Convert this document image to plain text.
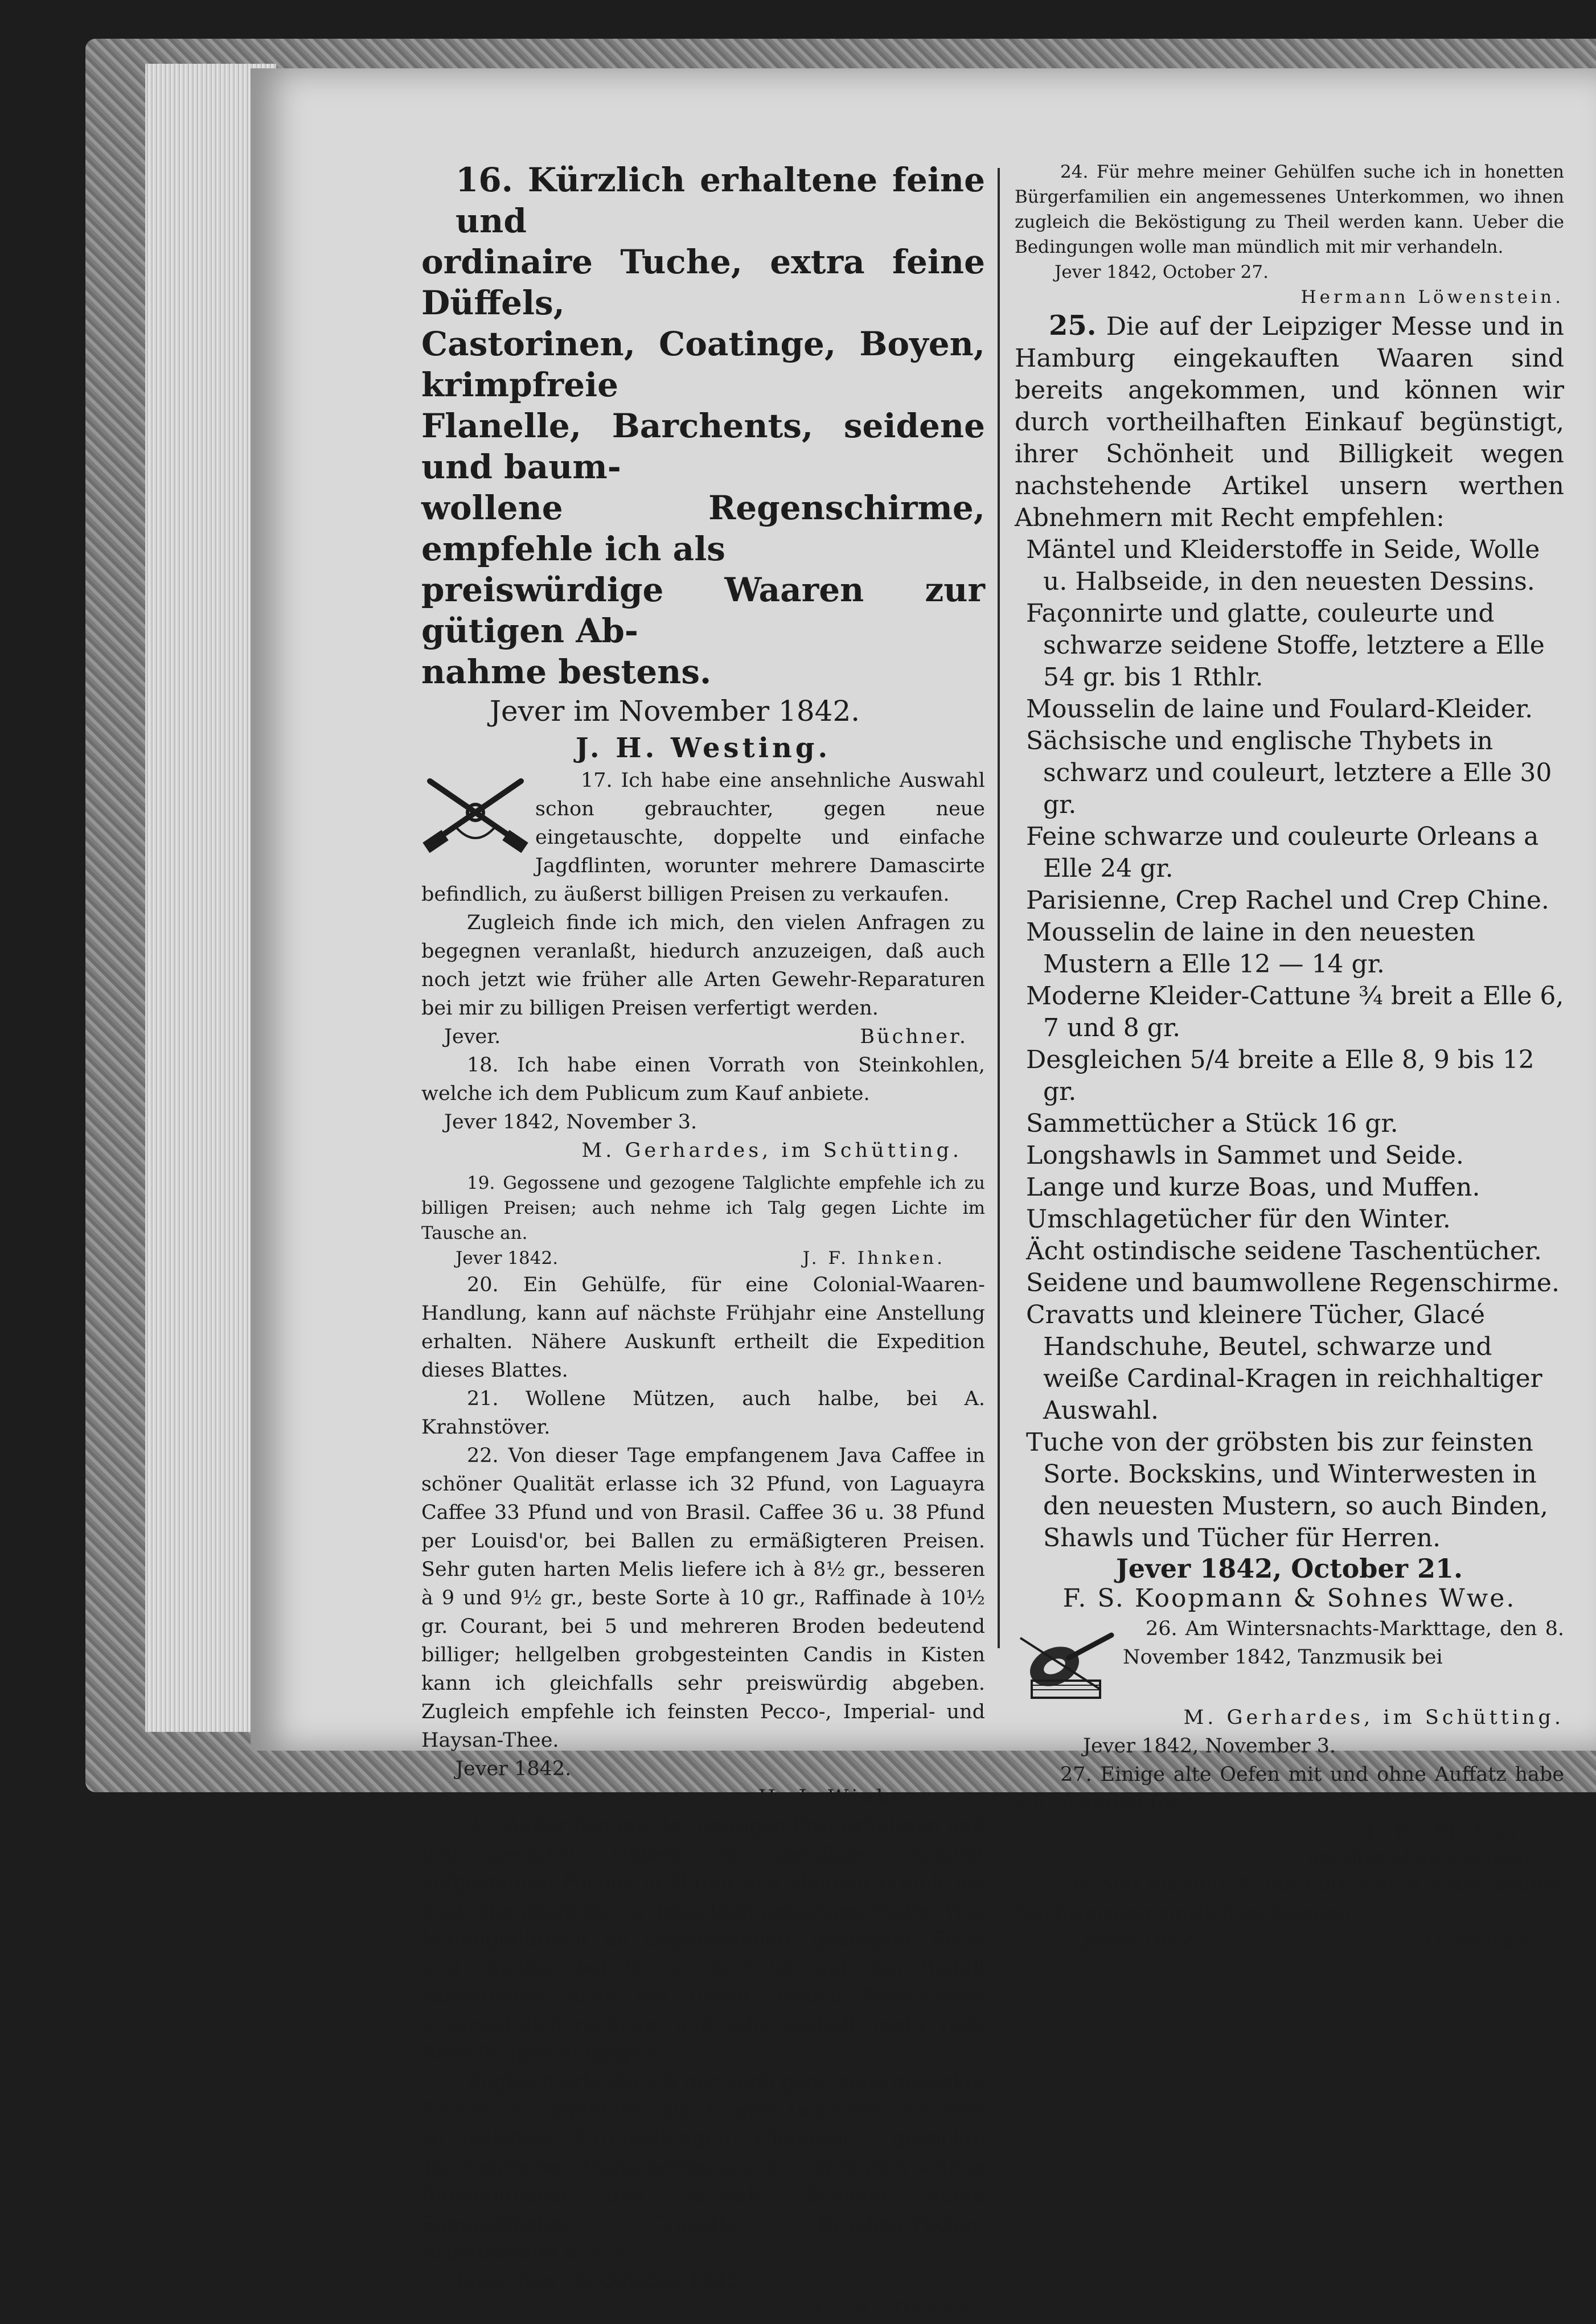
16. Kürzlich erhaltene feine und

ordinaire Tuche, extra feine Düffels,

Castorinen, Coatinge, Boyen, krimpfreie

Flanelle, Barchents, seidene und baum-

wollene Regenschirme, empfehle ich als

preiswürdige Waaren zur gütigen Ab-

nahme bestens.

Jever im November 1842.

J. H. Westing.

17. Ich habe eine ansehnliche Auswahl schon gebrauchter, gegen neue eingetauschte, doppelte und einfache Jagdflinten, worunter mehrere Damascirte befindlich, zu äußerst billigen Preisen zu verkaufen.

Zugleich finde ich mich, den vielen Anfragen zu begegnen veranlaßt, hiedurch anzuzeigen, daß auch noch jetzt wie früher alle Arten Gewehr-Reparaturen bei mir zu billigen Preisen verfertigt werden.

Jever.	Büchner.

18. Ich habe einen Vorrath von Steinkohlen, welche ich dem Publicum zum Kauf anbiete.

Jever 1842, November 3.

M. Gerhardes, im Schütting.

19. Gegossene und gezogene Talglichte empfehle ich zu billigen Preisen; auch nehme ich Talg gegen Lichte im Tausche an.

Jever 1842.	J. F. Ihnken.

20. Ein Gehülfe, für eine Colonial-Waaren-Handlung, kann auf nächste Frühjahr eine Anstellung erhalten. Nähere Auskunft ertheilt die Expedition dieses Blattes.

21. Wollene Mützen, auch halbe, bei A. Krahnstöver.

22. Von dieser Tage empfangenem Java Caffee in schöner Qualität erlasse ich 32 Pfund, von Laguayra Caffee 33 Pfund und von Brasil. Caffee 36 u. 38 Pfund per Louisd'or, bei Ballen zu ermäßigteren Preisen. Sehr guten harten Melis liefere ich à 8½ gr., besseren à 9 und 9½ gr., beste Sorte à 10 gr., Raffinade à 10½ gr. Courant, bei 5 und mehreren Broden bedeutend billiger; hellgelben grobgesteinten Candis in Kisten kann ich gleichfalls sehr preiswürdig abgeben. Zugleich empfehle ich feinsten Pecco-, Imperial- und Haysan-Thee.

Jever 1842.

H. J. Wieben.

23. Außer den mit der heutigen Post erhaltnen und den geehrten Damen zur gefälligen Ansicht aufgestellten Façons in Hüten und Hauben erhielt ich auch alle mögliche zu denselben gehörigen Stoffe. Was Mannigfaltigkeit an Gegenständen, gediegene Form und Qualität betrifft, so darf ich auf den Beifall sämmtlicher mich mit Ihrem Besuch Beehrenden zuversichtlich rechnen, und sehe deshalb recht viele Bestellungen entgegen.

Zugleich erlaube ich mir auch ganz neue gestickte Sachen zu empfehlen, als: Kragen (worunter die jetzt so beliebten Kardinalkragen) Chemisetts, gestickte Taschentücher, Manschetten u. s. w.; vorzüglich schöne Blondentücher und Schwals, Schleier, ächte Sammettücher, Cravatts, Brochen-Tücher, Arbeitsbeutel u. s. w.

Jever, den 28. October 1842.

C. H. Dauen.

24. Für mehre meiner Gehülfen suche ich in honetten Bürgerfamilien ein angemessenes Unterkommen, wo ihnen zugleich die Beköstigung zu Theil werden kann. Ueber die Bedingungen wolle man mündlich mit mir verhandeln.

Jever 1842, October 27.

Hermann Löwenstein.

25. Die auf der Leipziger Messe und in Hamburg eingekauften Waaren sind bereits angekommen, und können wir durch vortheilhaften Einkauf begünstigt, ihrer Schönheit und Billigkeit wegen nachstehende Artikel unsern werthen Abnehmern mit Recht empfehlen:

Mäntel und Kleiderstoffe in Seide, Wolle u. Halbseide, in den neuesten Dessins.

Façonnirte und glatte, couleurte und schwarze seidene Stoffe, letztere a Elle 54 gr. bis 1 Rthlr.

Mousselin de laine und Foulard-Kleider.

Sächsische und englische Thybets in schwarz und couleurt, letztere a Elle 30 gr.

Feine schwarze und couleurte Orleans a Elle 24 gr.

Parisienne, Crep Rachel und Crep Chine.

Mousselin de laine in den neuesten Mustern a Elle 12 — 14 gr.

Moderne Kleider-Cattune ¾ breit a Elle 6, 7 und 8 gr.

Desgleichen 5/4 breite a Elle 8, 9 bis 12 gr.

Sammettücher a Stück 16 gr.

Longshawls in Sammet und Seide.

Lange und kurze Boas, und Muffen.

Umschlagetücher für den Winter.

Ächt ostindische seidene Taschentücher.

Seidene und baumwollene Regenschirme.

Cravatts und kleinere Tücher, Glacé Handschuhe, Beutel, schwarze und weiße Cardinal-Kragen in reichhaltiger Auswahl.

Tuche von der gröbsten bis zur feinsten Sorte. Bockskins, und Winterwesten in den neuesten Mustern, so auch Binden, Shawls und Tücher für Herren.

Jever 1842, October 21.

F. S. Koopmann & Sohnes Wwe.

26. Am Wintersnachts-Markttage, den 8. November 1842, Tanzmusik bei

M. Gerhardes, im Schütting.

Jever 1842, November 3.

27. Einige alte Oefen mit und ohne Auffatz habe ich zu verkaufen.

J. H. Müller,

am alten Markte in Jever.

28. 500 bis 600 ℛ und 600 ℛ sind unter meiner Nachweisung zinslich zu belegen.

Jever 1842.	Ostertun.
